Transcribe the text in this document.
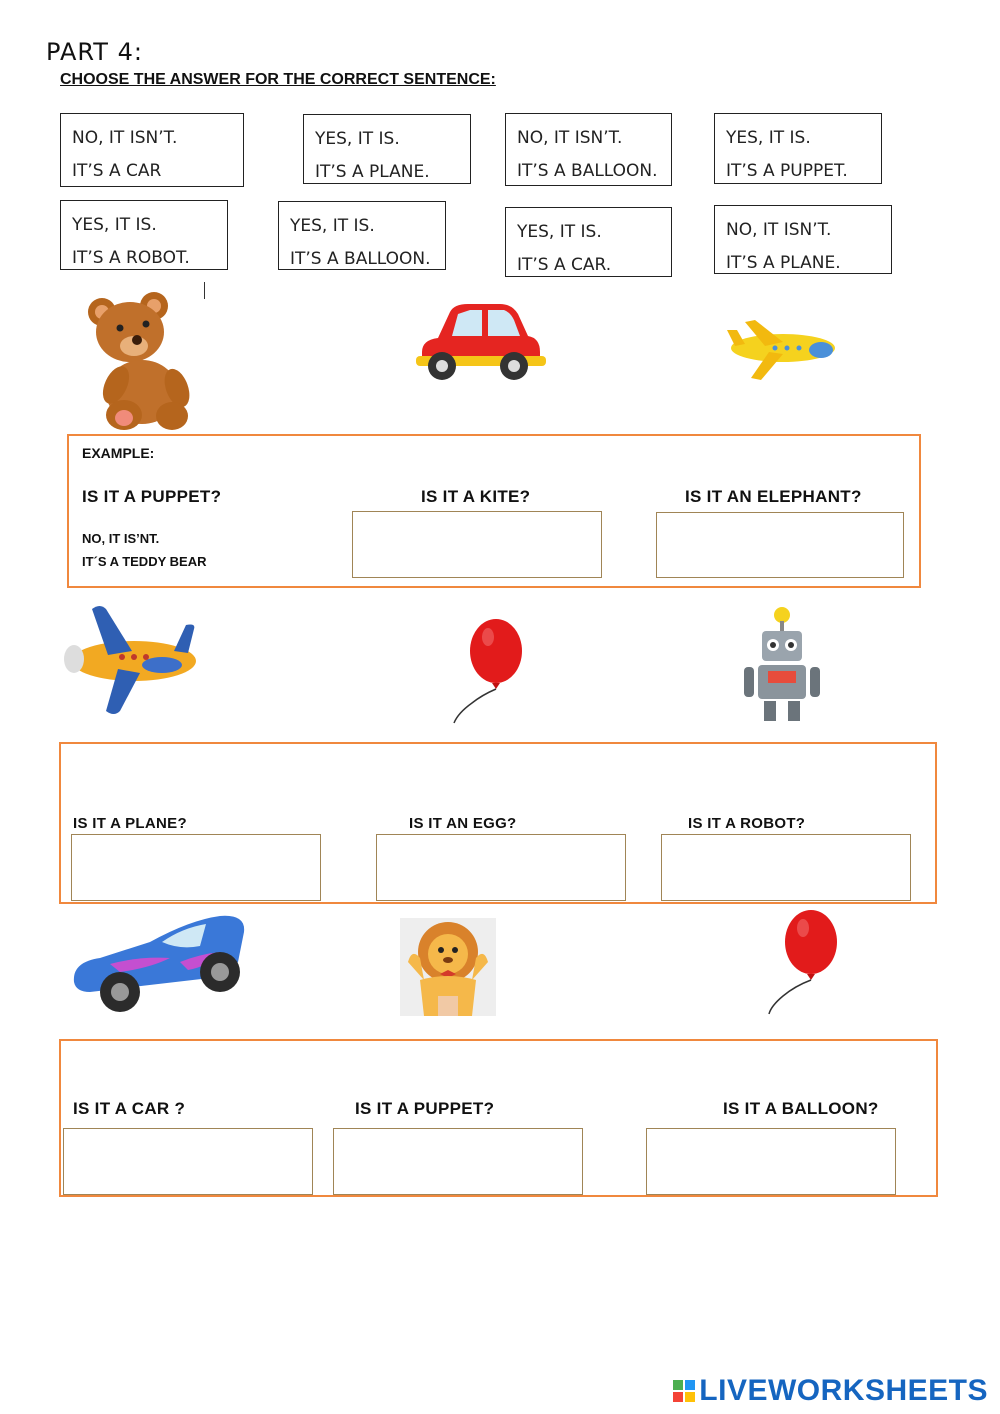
PART 4:
CHOOSE THE ANSWER FOR THE CORRECT SENTENCE:
NO, IT ISN’T.
IT’S A CAR
YES, IT IS.
IT’S A PLANE.
NO, IT ISN’T.
IT’S A BALLOON.
YES, IT IS.
IT’S A PUPPET.
YES, IT IS.
IT’S A ROBOT.
YES, IT IS.
IT’S A BALLOON.
YES, IT IS.
IT’S A CAR.
NO, IT ISN’T.
IT’S A PLANE.
EXAMPLE:
IS IT A PUPPET?	IS IT A KITE?	IS IT AN ELEPHANT?
NO, IT IS’NT.
IT´S A TEDDY BEAR
IS IT A PLANE?	IS IT AN EGG?	IS IT A ROBOT?
IS IT A CAR ?	IS IT A PUPPET?	IS IT A BALLOON?
LIVEWORKSHEETS
